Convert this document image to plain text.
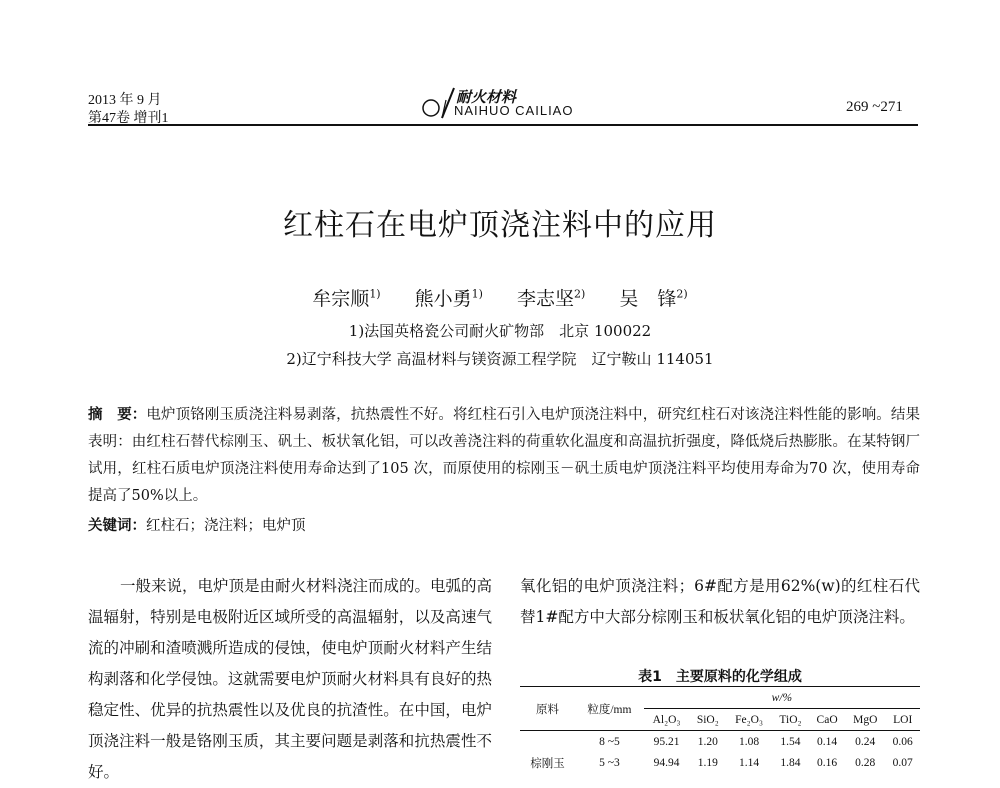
2013 年 9 月
第47卷 增刊1
耐火材料
NAIHUO CAILIAO	269 ~271
红柱石在电炉顶浇注料中的应用
牟宗顺$^{1)}$ 熊小勇$^{1)}$ 李志坚$^{2)}$ 吴　锋$^{2)}$
1)法国英格瓷公司耐火矿物部　北京 100022
2)辽宁科技大学 高温材料与镁资源工程学院　辽宁鞍山 114051
摘　要：电炉顶铬刚玉质浇注料易剥落，抗热震性不好。将红柱石引入电炉顶浇注料中，研究红柱石对该浇注料性能的影响。结果表明：由红柱石替代棕刚玉、矾土、板状氧化铝，可以改善浇注料的荷重软化温度和高温抗折强度，降低烧后热膨胀。在某特钢厂试用，红柱石质电炉顶浇注料使用寿命达到了105 次，而原使用的棕刚玉－矾土质电炉顶浇注料平均使用寿命为70 次，使用寿命提高了50%以上。
关键词：红柱石；浇注料；电炉顶
一般来说，电炉顶是由耐火材料浇注而成的。电弧的高温辐射，特别是电极附近区域所受的高温辐射，以及高速气流的冲刷和渣喷溅所造成的侵蚀，使电炉顶耐火材料产生结构剥落和化学侵蚀。这就需要电炉顶耐火材料具有良好的热稳定性、优异的抗热震性以及优良的抗渣性。在中国，电炉顶浇注料一般是铬刚玉质，其主要问题是剥落和抗热震性不好。
氧化铝的电炉顶浇注料；6#配方是用62%(w)的红柱石代替1#配方中大部分棕刚玉和板状氧化铝的电炉顶浇注料。
表1　主要原料的化学组成
原料	粒度/mm	w/%						
		Al₂O₃	SiO₂	Fe₂O₃	TiO₂	CaO	MgO	LOI
	8 ~5	95.21	1.20	1.08	1.54	0.14	0.24	0.06
棕刚玉	5 ~3	94.94	1.19	1.14	1.84	0.16	0.28	0.07
